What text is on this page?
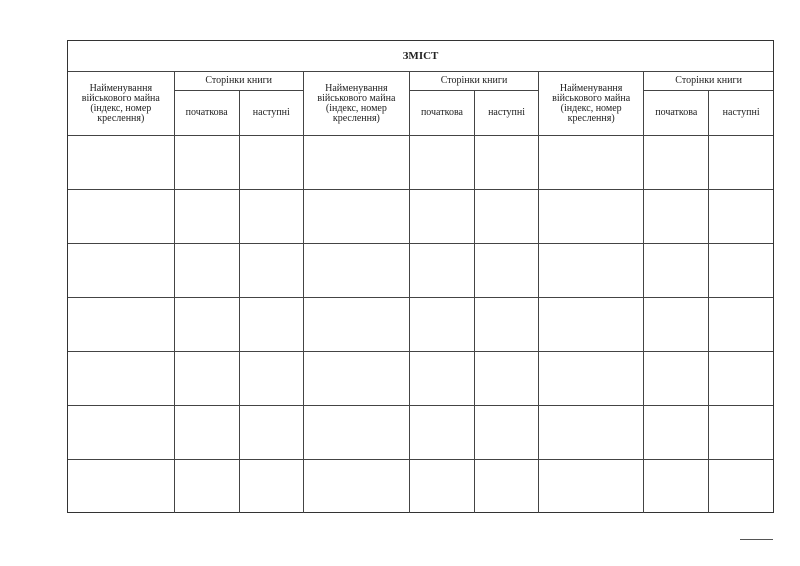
ЗМІСТ								
Найменування військового майна (індекс, номер креслення)	Сторінки книги		Найменування військового майна (індекс, номер креслення)	Сторінки книги		Найменування військового майна (індекс, номер креслення)	Сторінки книги	
	початкова	наступні		початкова	наступні		початкова	наступні
